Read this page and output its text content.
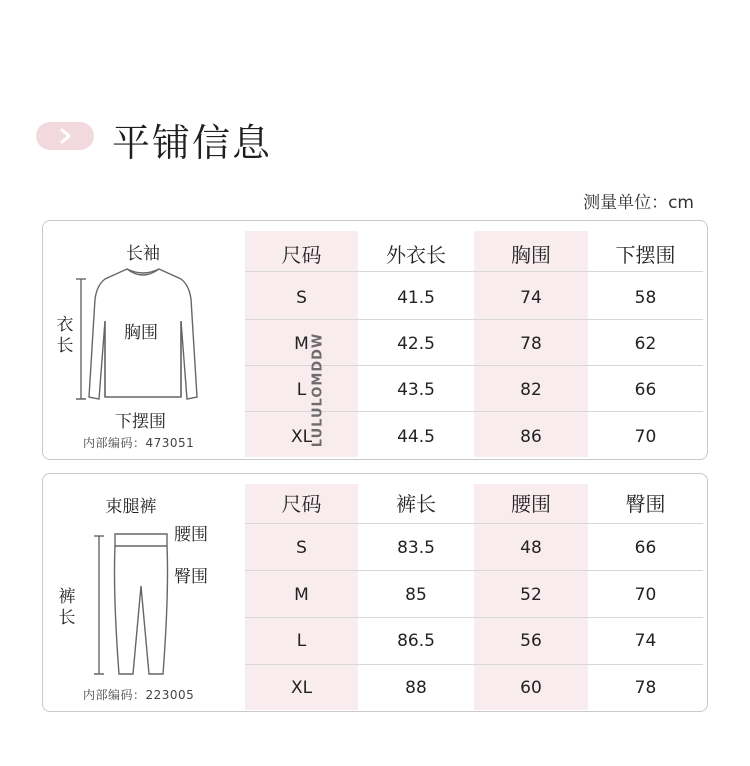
平铺信息
测量单位：cm
长袖
衣
长
胸围
下摆围
内部编码：473051
尺码	外衣长	胸围	下摆围
S	41.5	74	58
M	42.5	78	62
L	43.5	82	66
XL	44.5	86	70
LULULOMDDW
束腿裤
腰围
臀围
裤
长
内部编码：223005
尺码	裤长	腰围	臀围
S	83.5	48	66
M	85	52	70
L	86.5	56	74
XL	88	60	78
